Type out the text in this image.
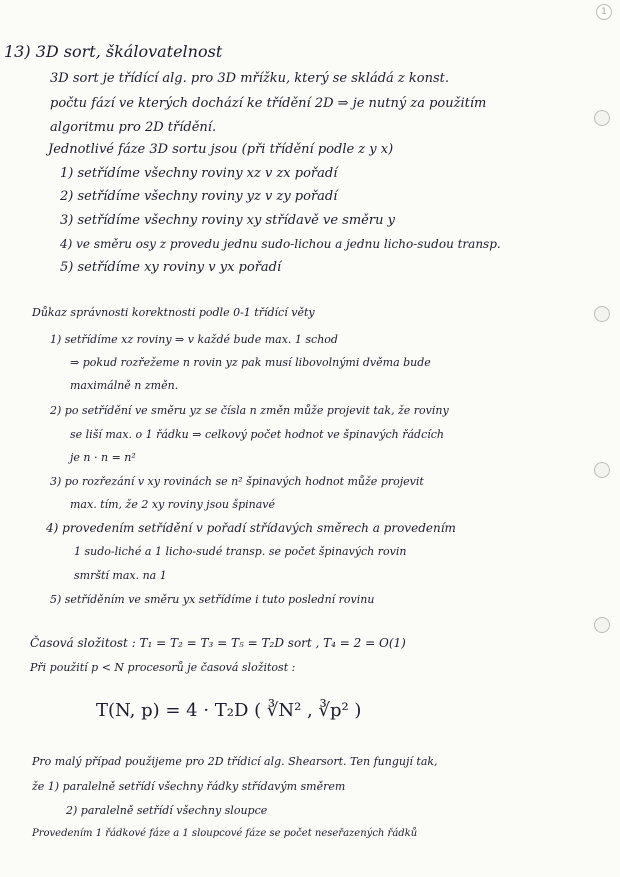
1
13) 3D sort, škálovatelnost
3D sort je třídící alg. pro 3D mřížku, který se skládá z konst.
počtu fází ve kterých dochází ke třídění 2D ⇒ je nutný za použitím
algoritmu pro 2D třídění.
Jednotlivé fáze 3D sortu jsou (při třídění podle z y x)
1) setřídíme všechny roviny xz v zx pořadí
2) setřídíme všechny roviny yz v zy pořadí
3) setřídíme všechny roviny xy střídavě ve směru y
4) ve směru osy z provedu jednu sudo-lichou a jednu licho-sudou transp.
5) setřídíme xy roviny v yx pořadí
Důkaz správnosti korektnosti podle 0-1 třídící věty
1) setřídíme xz roviny ⇒ v každé bude max. 1 schod
⇒ pokud rozřežeme n rovin yz pak musí libovolnými dvěma bude
maximálně n změn.
2) po setřídění ve směru yz se čísla n změn může projevit tak, že roviny
se liší max. o 1 řádku ⇒ celkový počet hodnot ve špinavých řádcích
je n · n = n²
3) po rozřezání v xy rovinách se n² špinavých hodnot může projevit
max. tím, že 2 xy roviny jsou špinavé
4) provedením setřídění v pořadí střídavých směrech a provedením
1 sudo-liché a 1 licho-sudé transp. se počet špinavých rovin
smrští max. na 1
5) setříděním ve směru yx setřídíme i tuto poslední rovinu
Časová složitost : T₁ = T₂ = T₃ = T₅ = T₂D sort , T₄ = 2 = O(1)
Při použití p < N procesorů je časová složitost :
T(N, p) = 4 · T₂D ( ∛N² , ∛p² )
Pro malý případ použijeme pro 2D třídicí alg. Shearsort. Ten fungují tak,
že 1) paralelně setřídí všechny řádky střídavým směrem
2) paralelně setřídí všechny sloupce
Provedením 1 řádkové fáze a 1 sloupcové fáze se počet neseřazených řádků
